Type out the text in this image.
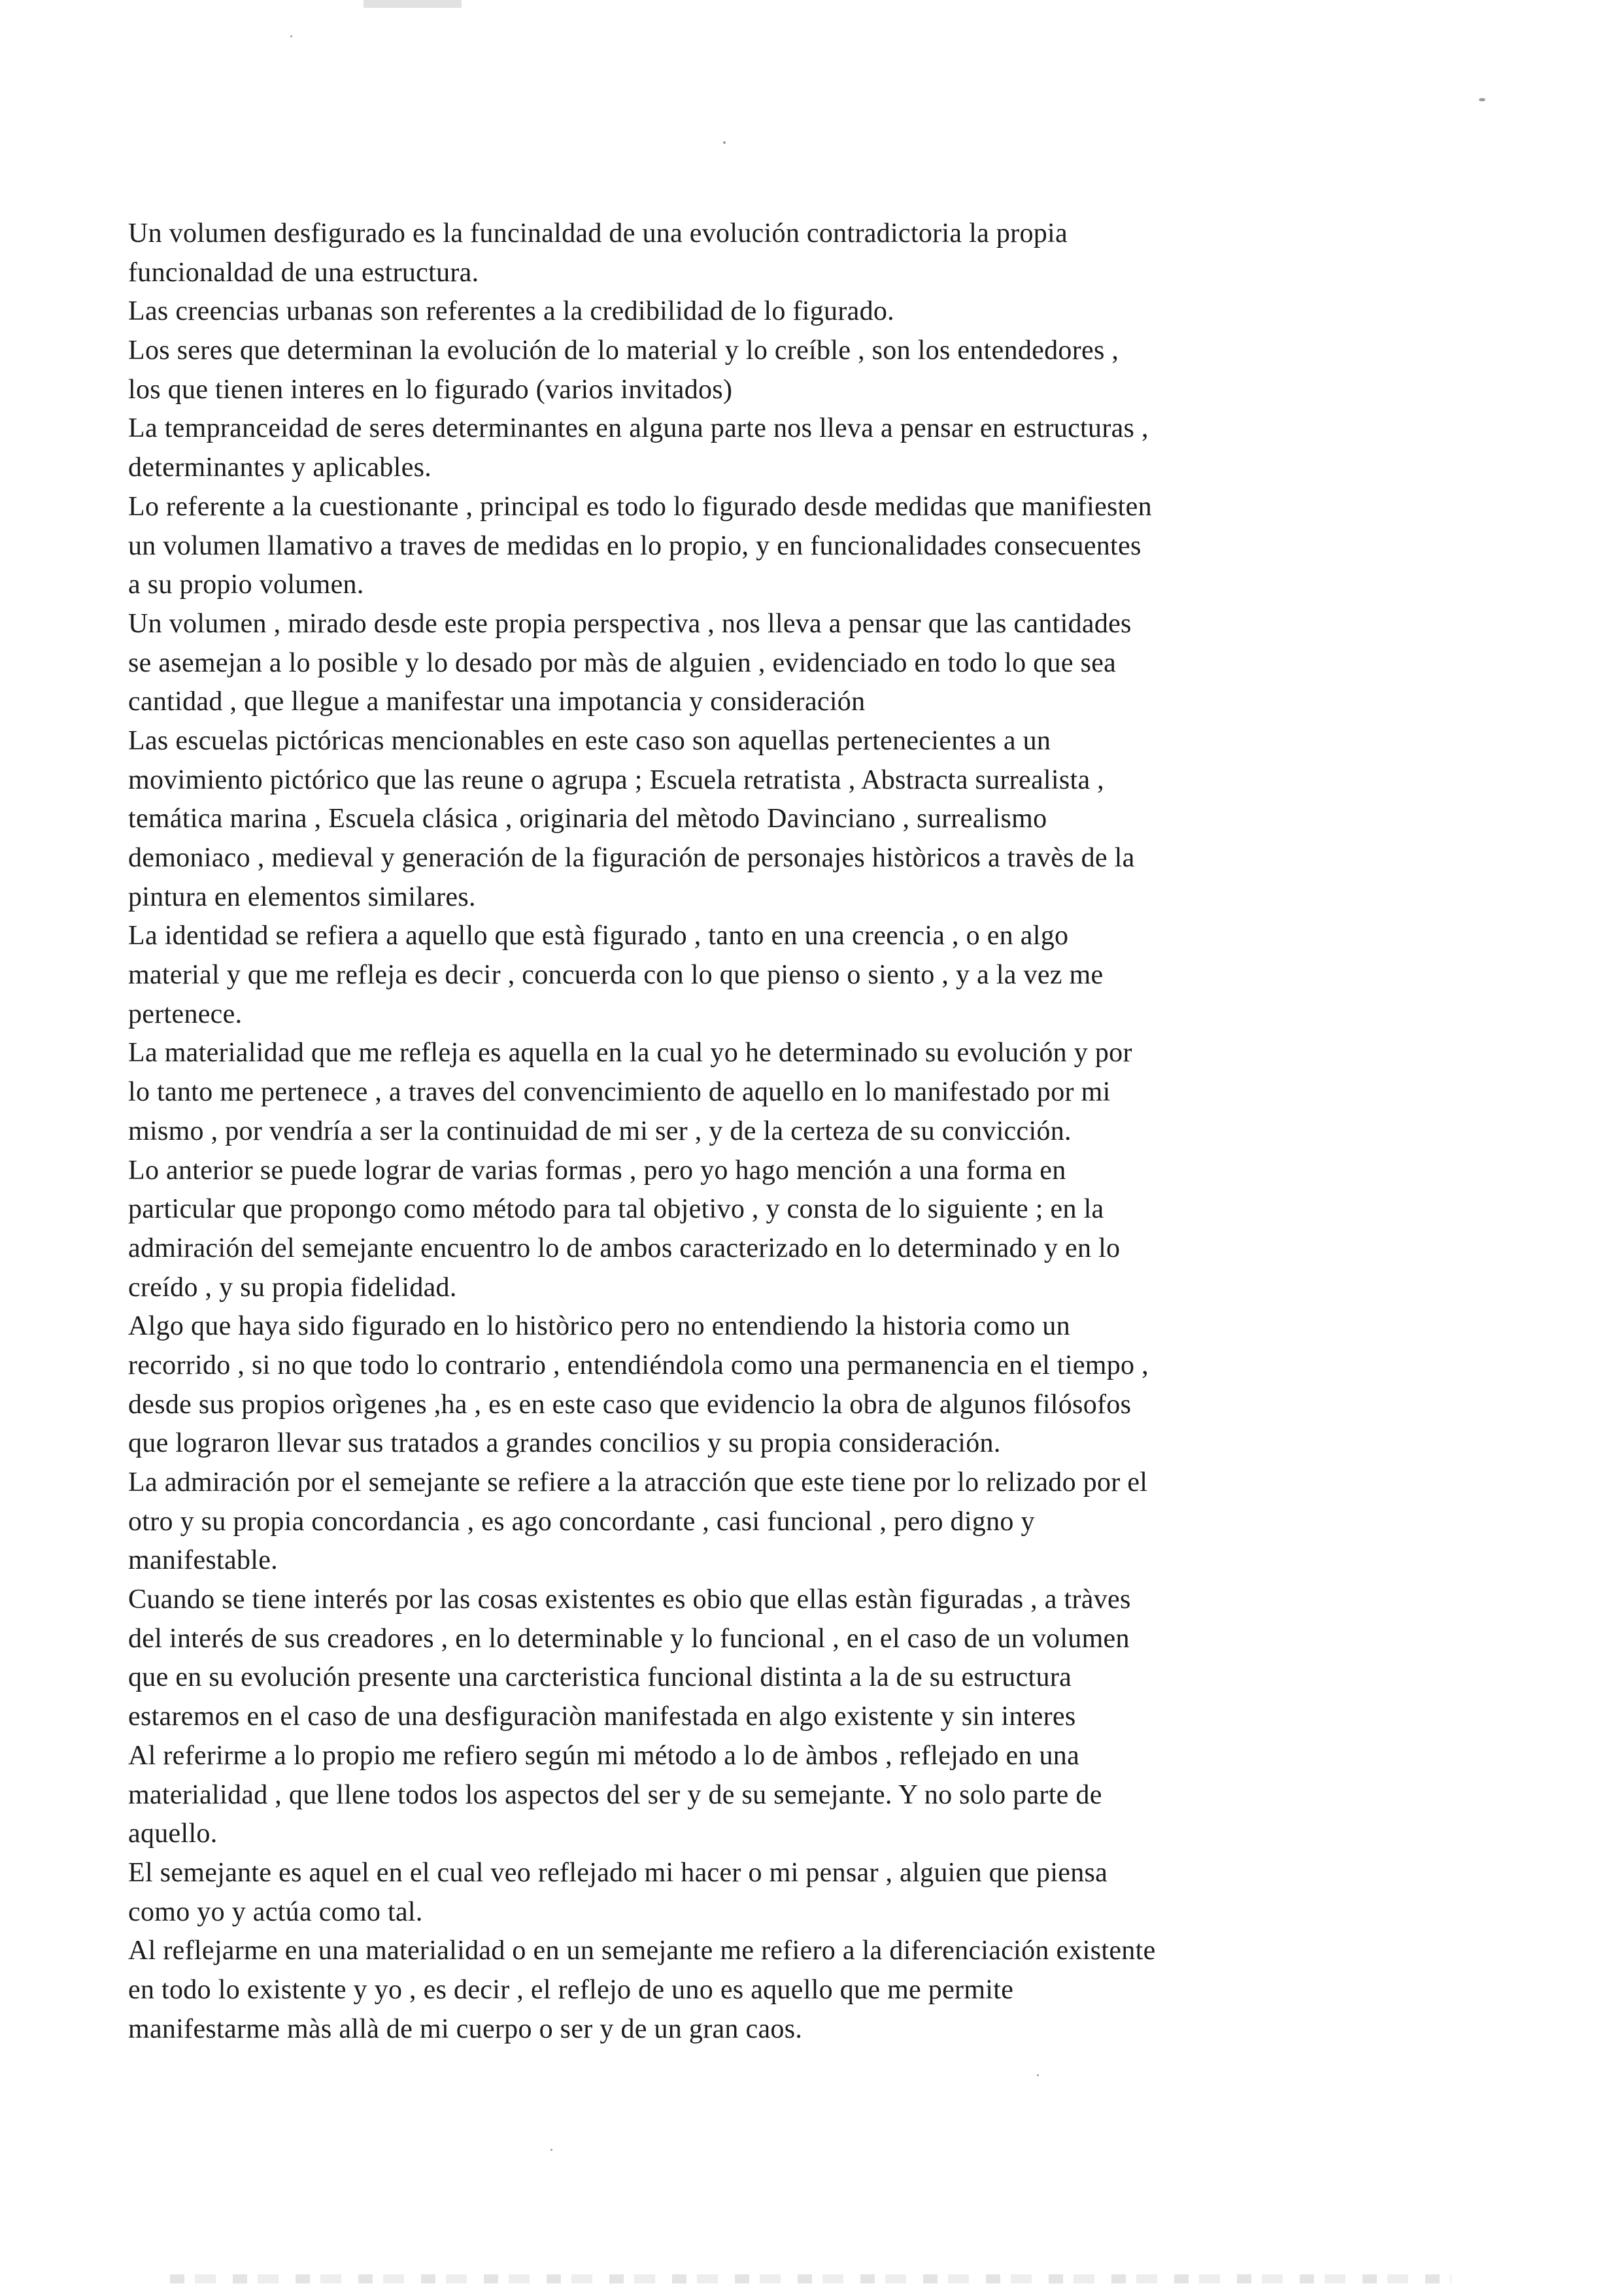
Un volumen desfigurado es la funcinaldad de una evolución contradictoria la propia
funcionaldad de una estructura.
Las creencias urbanas son referentes a la credibilidad de lo figurado.
Los seres que determinan la evolución de lo material y lo creíble , son los entendedores ,
los que tienen interes en lo figurado (varios invitados)
La tempranceidad de seres determinantes en alguna parte nos lleva a pensar en estructuras ,
determinantes y aplicables.
Lo referente a la cuestionante , principal es todo lo figurado desde medidas que manifiesten
un volumen llamativo a traves de medidas en lo propio, y en funcionalidades consecuentes
a su propio volumen.
Un volumen , mirado desde este propia perspectiva , nos lleva a pensar que las cantidades
se asemejan a lo posible y lo desado por màs de alguien , evidenciado en todo lo que sea
cantidad , que llegue a manifestar una impotancia y consideración
Las escuelas pictóricas mencionables en este caso son aquellas pertenecientes a un
movimiento pictórico que las reune o agrupa ; Escuela retratista , Abstracta surrealista ,
temática marina , Escuela clásica , originaria del mètodo Davinciano , surrealismo
demoniaco , medieval y generación de la figuración de personajes històricos a travès de la
pintura en elementos similares.
La identidad se refiera a aquello que està figurado , tanto en una creencia , o en algo
material y que me refleja es decir , concuerda con lo que pienso o siento , y a la vez me
pertenece.
La materialidad que me refleja es aquella en la cual yo he determinado su evolución y por
lo tanto me pertenece , a traves del convencimiento de aquello en lo manifestado por mi
mismo , por vendría a ser la continuidad de mi ser , y de la certeza de su convicción.
Lo anterior se puede lograr de varias formas , pero yo hago mención a una forma en
particular que propongo como método para tal objetivo , y consta de lo siguiente ; en la
admiración del semejante encuentro lo de ambos caracterizado en lo determinado y en lo
creído , y su propia fidelidad.
Algo que haya sido figurado en lo històrico pero no entendiendo la historia como un
recorrido , si no que todo lo contrario , entendiéndola como una permanencia en el tiempo ,
desde sus propios orìgenes ,ha , es en este caso que evidencio la obra de algunos filósofos
que lograron llevar sus tratados a grandes concilios y su propia consideración.
La admiración por el semejante se refiere a la atracción que este tiene por lo relizado por el
otro y su propia concordancia , es ago concordante , casi funcional , pero digno y
manifestable.
Cuando se tiene interés por las cosas existentes es obio que ellas estàn figuradas , a tràves
del interés de sus creadores , en lo determinable y lo funcional , en el caso de un volumen
que en su evolución presente una carcteristica funcional distinta a la de su estructura
estaremos en el caso de una desfiguraciòn manifestada en algo existente y sin interes
Al referirme a lo propio me refiero según mi método a lo de àmbos , reflejado en una
materialidad , que llene todos los aspectos del ser y de su semejante. Y no solo parte de
aquello.
El semejante es aquel en el cual veo reflejado mi hacer o mi pensar , alguien que piensa
como yo y actúa como tal.
Al reflejarme en una materialidad o en un semejante me refiero a la diferenciación existente
en todo lo existente y yo , es decir , el reflejo de uno es aquello que me permite
manifestarme màs allà de mi cuerpo o ser y de un gran caos.
